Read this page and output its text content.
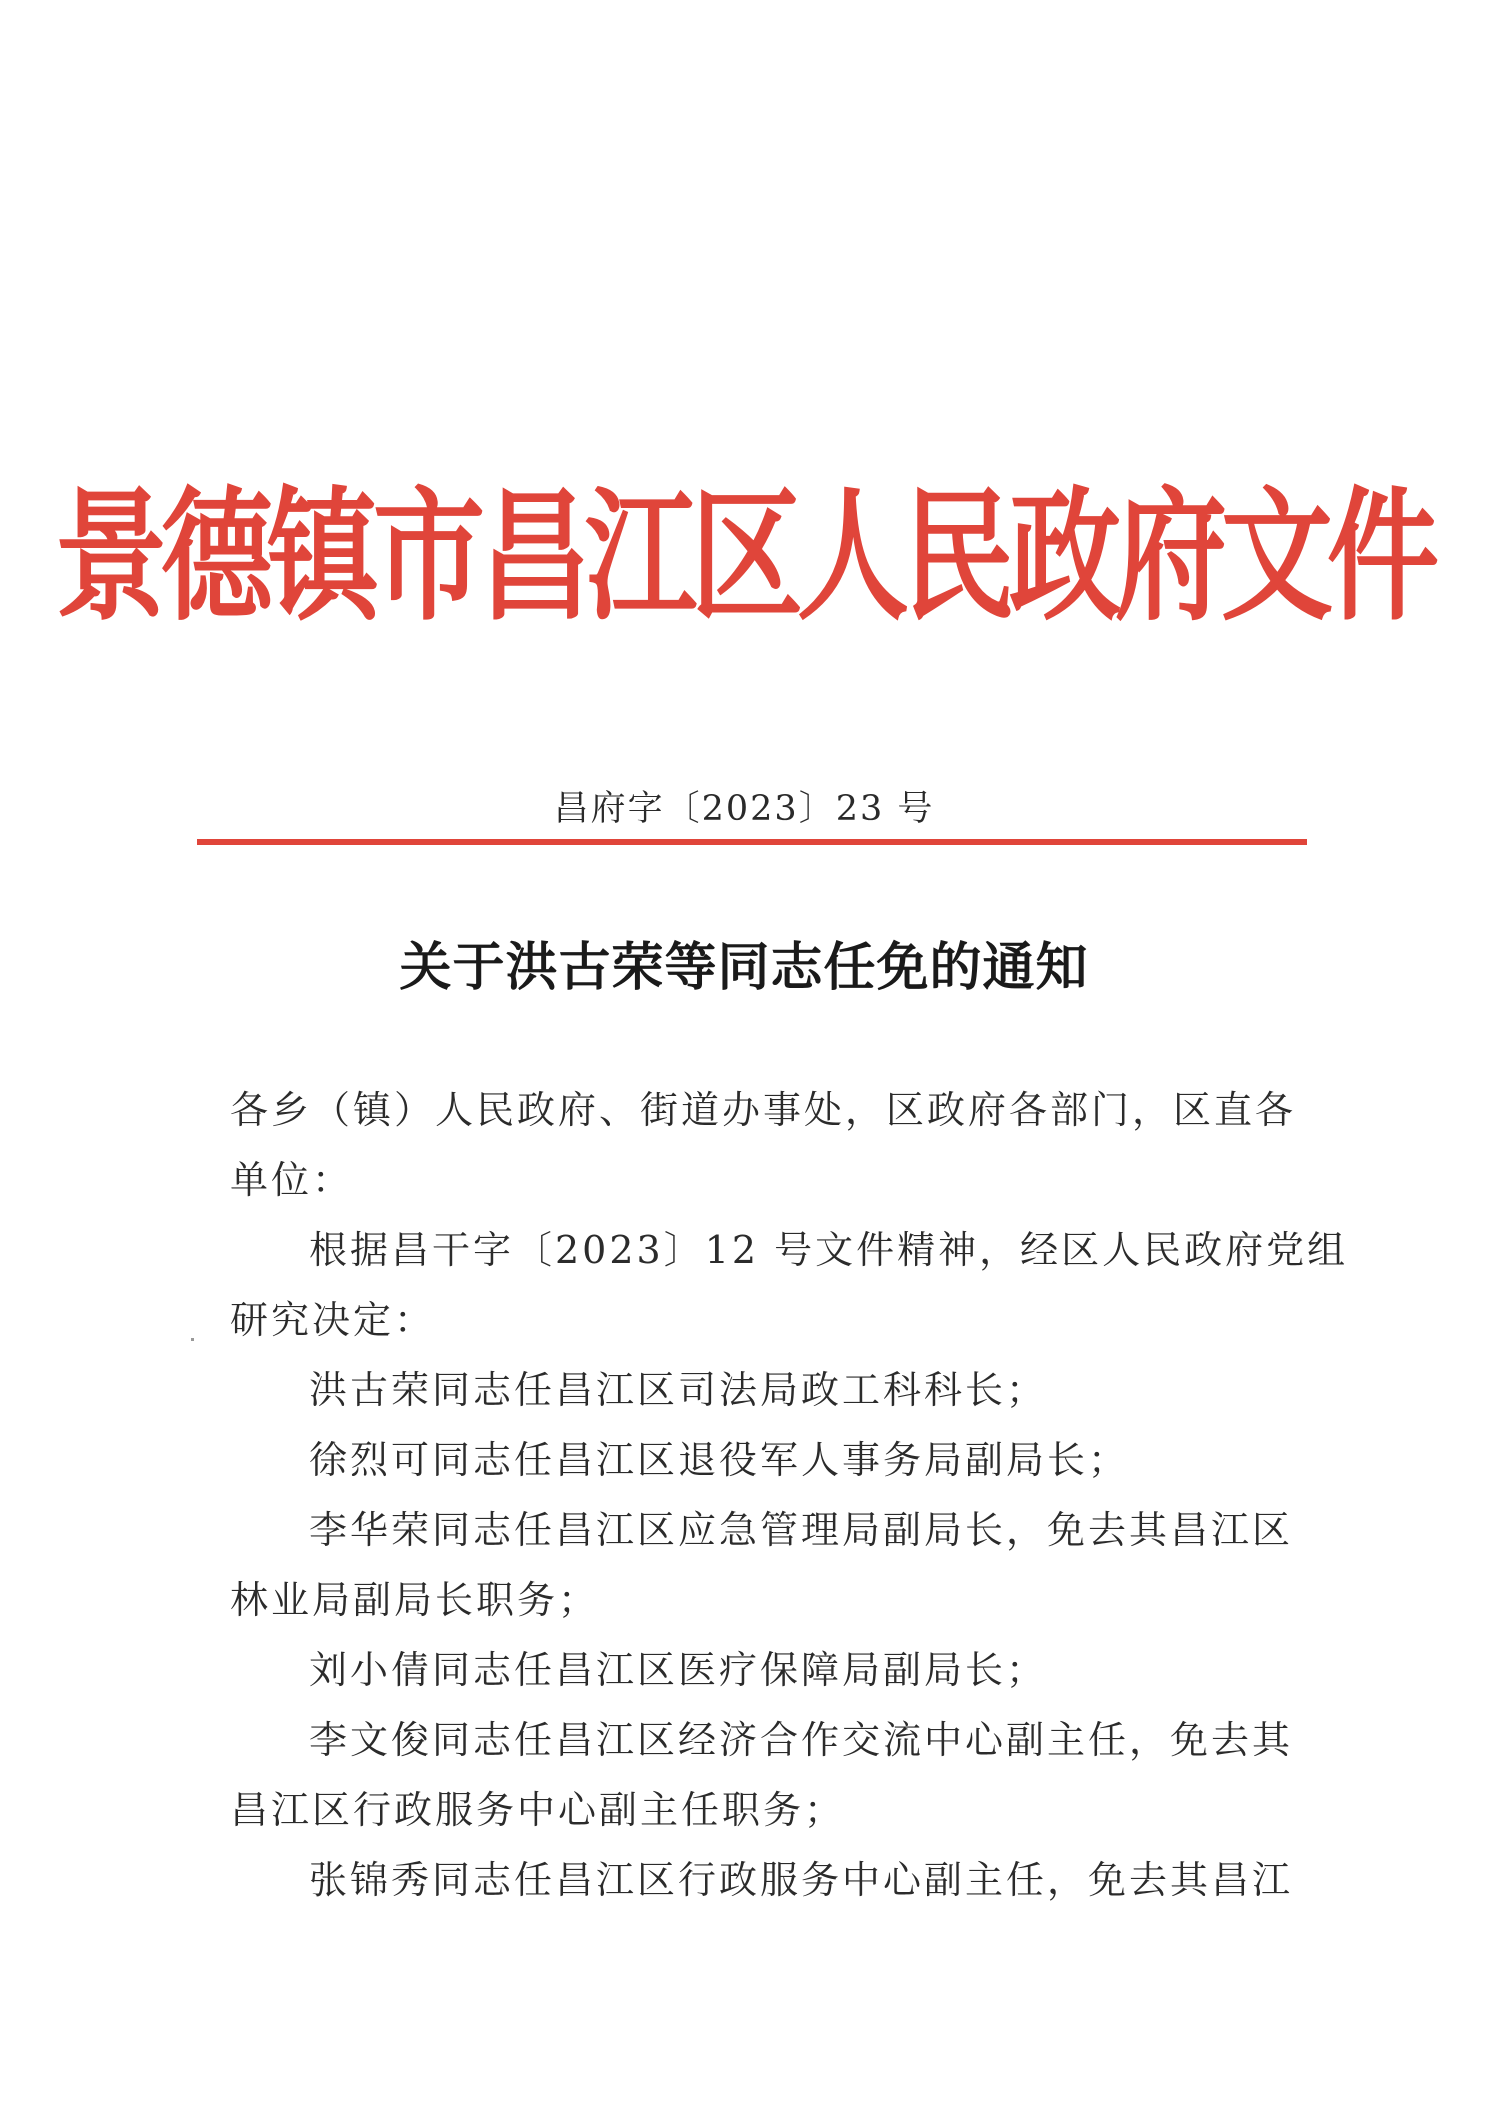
景德镇市昌江区人民政府文件
昌府字〔2023〕23 号
关于洪古荣等同志任免的通知
各乡（镇）人民政府、街道办事处，区政府各部门，区直各
单位：
根据昌干字〔2023〕12 号文件精神，经区人民政府党组
研究决定：
洪古荣同志任昌江区司法局政工科科长；
徐烈可同志任昌江区退役军人事务局副局长；
李华荣同志任昌江区应急管理局副局长，免去其昌江区
林业局副局长职务；
刘小倩同志任昌江区医疗保障局副局长；
李文俊同志任昌江区经济合作交流中心副主任，免去其
昌江区行政服务中心副主任职务；
张锦秀同志任昌江区行政服务中心副主任，免去其昌江
